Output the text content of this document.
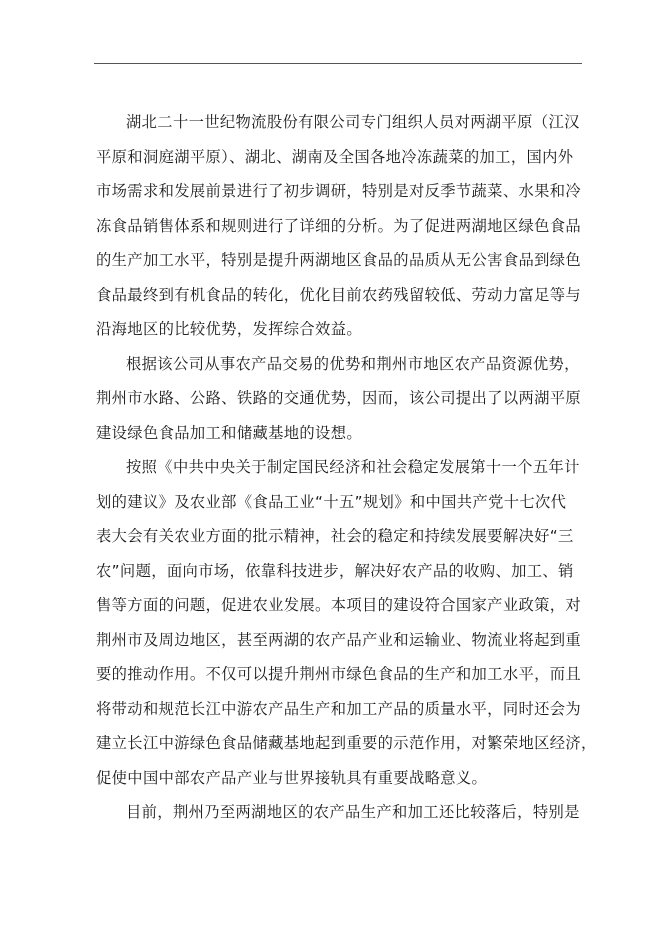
湖北二十一世纪物流股份有限公司专门组织人员对两湖平原（江汉
平原和洞庭湖平原）、湖北、湖南及全国各地冷冻蔬菜的加工，国内外
市场需求和发展前景进行了初步调研，特别是对反季节蔬菜、水果和冷
冻食品销售体系和规则进行了详细的分析。为了促进两湖地区绿色食品
的生产加工水平，特别是提升两湖地区食品的品质从无公害食品到绿色
食品最终到有机食品的转化，优化目前农药残留较低、劳动力富足等与
沿海地区的比较优势，发挥综合效益。
根据该公司从事农产品交易的优势和荆州市地区农产品资源优势，
荆州市水路、公路、铁路的交通优势，因而，该公司提出了以两湖平原
建设绿色食品加工和储藏基地的设想。
按照《中共中央关于制定国民经济和社会稳定发展第十一个五年计
划的建议》及农业部《食品工业“十五”规划》和中国共产党十七次代
表大会有关农业方面的批示精神，社会的稳定和持续发展要解决好“三
农”问题，面向市场，依靠科技进步，解决好农产品的收购、加工、销
售等方面的问题，促进农业发展。本项目的建设符合国家产业政策，对
荆州市及周边地区，甚至两湖的农产品产业和运输业、物流业将起到重
要的推动作用。不仅可以提升荆州市绿色食品的生产和加工水平，而且
将带动和规范长江中游农产品生产和加工产品的质量水平，同时还会为
建立长江中游绿色食品储藏基地起到重要的示范作用，对繁荣地区经济，
促使中国中部农产品产业与世界接轨具有重要战略意义。
目前，荆州乃至两湖地区的农产品生产和加工还比较落后，特别是
